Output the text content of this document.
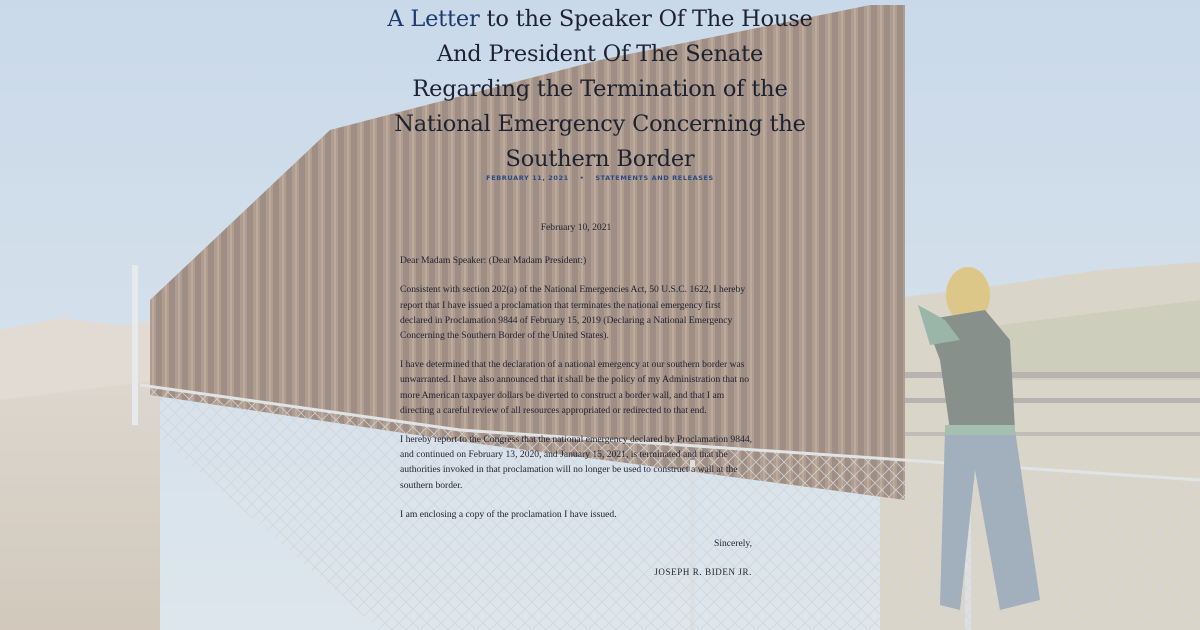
A Letter to the Speaker Of The House
And President Of The Senate
Regarding the Termination of the
National Emergency Concerning the
Southern Border
FEBRUARY 11, 2021 • STATEMENTS AND RELEASES

February 10, 2021

Dear Madam Speaker: (Dear Madam President:)

Consistent with section 202(a) of the National Emergencies Act, 50 U.S.C. 1622, I hereby report that I have issued a proclamation that terminates the national emergency first declared in Proclamation 9844 of February 15, 2019 (Declaring a National Emergency Concerning the Southern Border of the United States).

I have determined that the declaration of a national emergency at our southern border was unwarranted. I have also announced that it shall be the policy of my Administration that no more American taxpayer dollars be diverted to construct a border wall, and that I am directing a careful review of all resources appropriated or redirected to that end.

I hereby report to the Congress that the national emergency declared by Proclamation 9844, and continued on February 13, 2020, and January 15, 2021, is terminated and that the authorities invoked in that proclamation will no longer be used to construct a wall at the southern border.

I am enclosing a copy of the proclamation I have issued.

Sincerely,

JOSEPH R. BIDEN JR.
